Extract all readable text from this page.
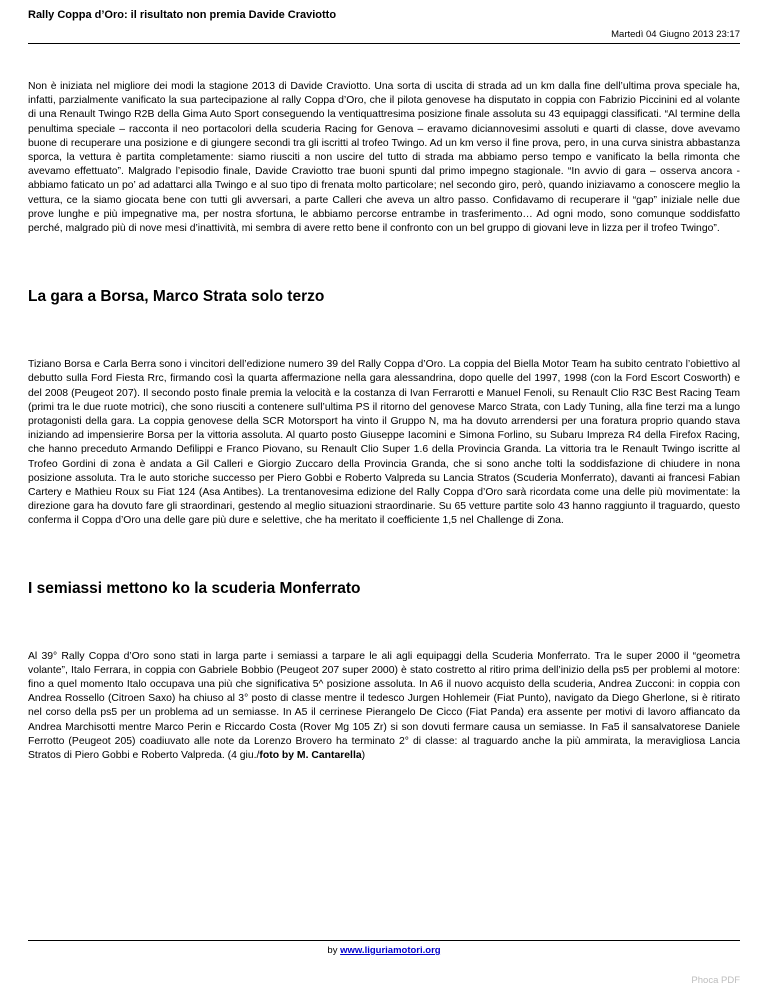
Rally Coppa d’Oro: il risultato non premia Davide Craviotto
Martedì 04 Giugno 2013 23:17

Non è iniziata nel migliore dei modi la stagione 2013 di Davide Craviotto. Una sorta di uscita di strada ad un km dalla fine dell’ultima prova speciale ha, infatti, parzialmente vanificato la sua partecipazione al rally Coppa d’Oro, che il pilota genovese ha disputato in coppia con Fabrizio Piccinini ed al volante di una Renault Twingo R2B della Gima Auto Sport conseguendo la ventiquattresima posizione finale assoluta su 43 equipaggi classificati. “Al termine della penultima speciale – racconta il neo portacolori della scuderia Racing for Genova – eravamo diciannovesimi assoluti e quarti di classe, dove avevamo buone di recuperare una posizione e di giungere secondi tra gli iscritti al trofeo Twingo. Ad un km verso il fine prova, pero, in una curva sinistra abbastanza sporca, la vettura è partita completamente: siamo riusciti a non uscire del tutto di strada ma abbiamo perso tempo e vanificato la bella rimonta che avevamo effettuato”. Malgrado l’episodio finale, Davide Craviotto trae buoni spunti dal primo impegno stagionale. “In avvio di gara – osserva ancora - abbiamo faticato un po’ ad adattarci alla Twingo e al suo tipo di frenata molto particolare; nel secondo giro, però, quando iniziavamo a conoscere meglio la vettura, ce la siamo giocata bene con tutti gli avversari, a parte Calleri che aveva un altro passo. Confidavamo di recuperare il “gap” iniziale nelle due prove lunghe e più impegnative ma, per nostra sfortuna, le abbiamo percorse entrambe in trasferimento… Ad ogni modo, sono comunque soddisfatto perché, malgrado più di nove mesi d’inattività, mi sembra di avere retto bene il confronto con un bel gruppo di giovani leve in lizza per il trofeo Twingo”.

La gara a Borsa, Marco Strata solo terzo

Tiziano Borsa e Carla Berra sono i vincitori dell’edizione numero 39 del Rally Coppa d’Oro. La coppia del Biella Motor Team ha subito centrato l’obiettivo al debutto sulla Ford Fiesta Rrc, firmando così la quarta affermazione nella gara alessandrina, dopo quelle del 1997, 1998 (con la Ford Escort Cosworth) e del 2008 (Peugeot 207). Il secondo posto finale premia la velocità e la costanza di Ivan Ferrarotti e Manuel Fenoli, su Renault Clio R3C Best Racing Team (primi tra le due ruote motrici), che sono riusciti a contenere sull’ultima PS il ritorno del genovese Marco Strata, con Lady Tuning, alla fine terzi ma a lungo protagonisti della gara. La coppia genovese della SCR Motorsport ha vinto il Gruppo N, ma ha dovuto arrendersi per una foratura proprio quando stava iniziando ad impensierire Borsa per la vittoria assoluta. Al quarto posto Giuseppe Iacomini e Simona Forlino, su Subaru Impreza R4 della Firefox Racing, che hanno preceduto Armando Defilippi e Franco Piovano, su Renault Clio Super 1.6 della Provincia Granda. La vittoria tra le Renault Twingo iscritte al Trofeo Gordini di zona è andata a Gil Calleri e Giorgio Zuccaro della Provincia Granda, che si sono anche tolti la soddisfazione di chiudere in nona posizione assoluta. Tra le auto storiche successo per Piero Gobbi e Roberto Valpreda su Lancia Stratos (Scuderia Monferrato), davanti ai francesi Fabian Cartery e Mathieu Roux su Fiat 124 (Asa Antibes). La trentanovesima edizione del Rally Coppa d’Oro sarà ricordata come una delle più movimentate: la direzione gara ha dovuto fare gli straordinari, gestendo al meglio situazioni straordinarie. Su 65 vetture partite solo 43 hanno raggiunto il traguardo, questo conferma il Coppa d’Oro una delle gare più dure e selettive, che ha meritato il coefficiente 1,5 nel Challenge di Zona.

I semiassi mettono ko la scuderia Monferrato

Al 39° Rally Coppa d’Oro sono stati in larga parte i semiassi a tarpare le ali agli equipaggi della Scuderia Monferrato. Tra le super 2000 il “geometra volante”, Italo Ferrara, in coppia con Gabriele Bobbio (Peugeot 207 super 2000) è stato costretto al ritiro prima dell’inizio della ps5 per problemi al motore: fino a quel momento Italo occupava una più che significativa 5^ posizione assoluta. In A6 il nuovo acquisto della scuderia, Andrea Zucconi: in coppia con Andrea Rossello (Citroen Saxo) ha chiuso al 3° posto di classe mentre il tedesco Jurgen Hohlemeir (Fiat Punto), navigato da Diego Gherlone, si è ritirato nel corso della ps5 per un problema ad un semiasse. In A5 il cerrinese Pierangelo De Cicco (Fiat Panda) era assente per motivi di lavoro affiancato da Andrea Marchisotti mentre Marco Perin e Riccardo Costa (Rover Mg 105 Zr) si son dovuti fermare causa un semiasse. In Fa5 il sansalvatorese Daniele Ferrotto (Peugeot 205) coadiuvato alle note da Lorenzo Brovero ha terminato 2° di classe: al traguardo anche la più ammirata, la meravigliosa Lancia Stratos di Piero Gobbi e Roberto Valpreda. (4 giu./foto by M. Cantarella)

by www.liguriamotori.org
Phoca PDF
